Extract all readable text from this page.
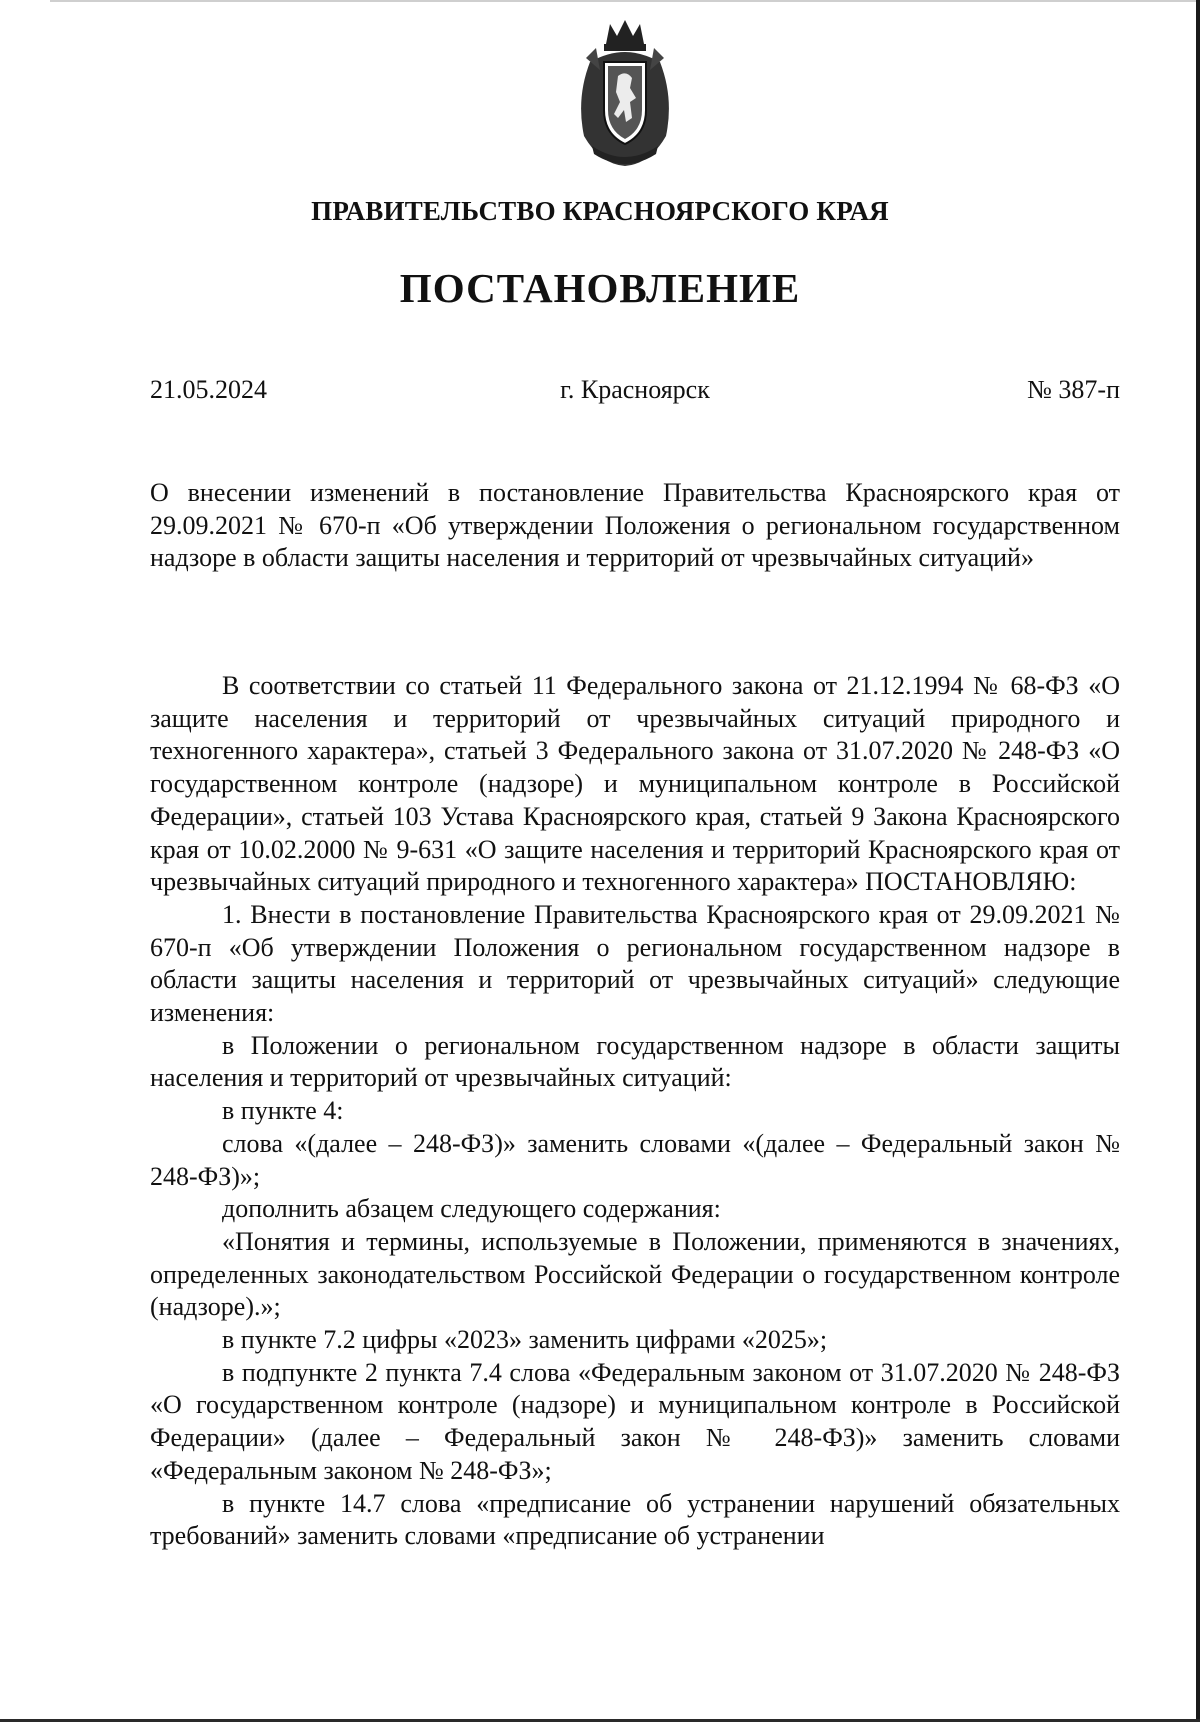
ПРАВИТЕЛЬСТВО КРАСНОЯРСКОГО КРАЯ
ПОСТАНОВЛЕНИЕ
г. Красноярск
21.05.2024	№ 387-п

О внесении изменений в постановление Правительства Красноярского края от 29.09.2021 № 670-п «Об утверждении Положения о региональном государственном надзоре в области защиты населения и территорий от чрезвычайных ситуаций»

В соответствии со статьей 11 Федерального закона от 21.12.1994 № 68-ФЗ «О защите населения и территорий от чрезвычайных ситуаций природного и техногенного характера», статьей 3 Федерального закона от 31.07.2020 № 248-ФЗ «О государственном контроле (надзоре) и муниципальном контроле в Российской Федерации», статьей 103 Устава Красноярского края, статьей 9 Закона Красноярского края от 10.02.2000 № 9-631 «О защите населения и территорий Красноярского края от чрезвычайных ситуаций природного и техногенного характера» ПОСТАНОВЛЯЮ:

1. Внести в постановление Правительства Красноярского края от 29.09.2021 № 670-п «Об утверждении Положения о региональном государственном надзоре в области защиты населения и территорий от чрезвычайных ситуаций» следующие изменения:

в Положении о региональном государственном надзоре в области защиты населения и территорий от чрезвычайных ситуаций:

в пункте 4:

слова «(далее – 248-ФЗ)» заменить словами «(далее – Федеральный закон № 248-ФЗ)»;

дополнить абзацем следующего содержания:

«Понятия и термины, используемые в Положении, применяются в значениях, определенных законодательством Российской Федерации о государственном контроле (надзоре).»;

в пункте 7.2 цифры «2023» заменить цифрами «2025»;

в подпункте 2 пункта 7.4 слова «Федеральным законом от 31.07.2020 № 248-ФЗ «О государственном контроле (надзоре) и муниципальном контроле в Российской Федерации» (далее – Федеральный закон № 248-ФЗ)» заменить словами «Федеральным законом № 248-ФЗ»;

в пункте 14.7 слова «предписание об устранении нарушений обязательных требований» заменить словами «предписание об устранении
